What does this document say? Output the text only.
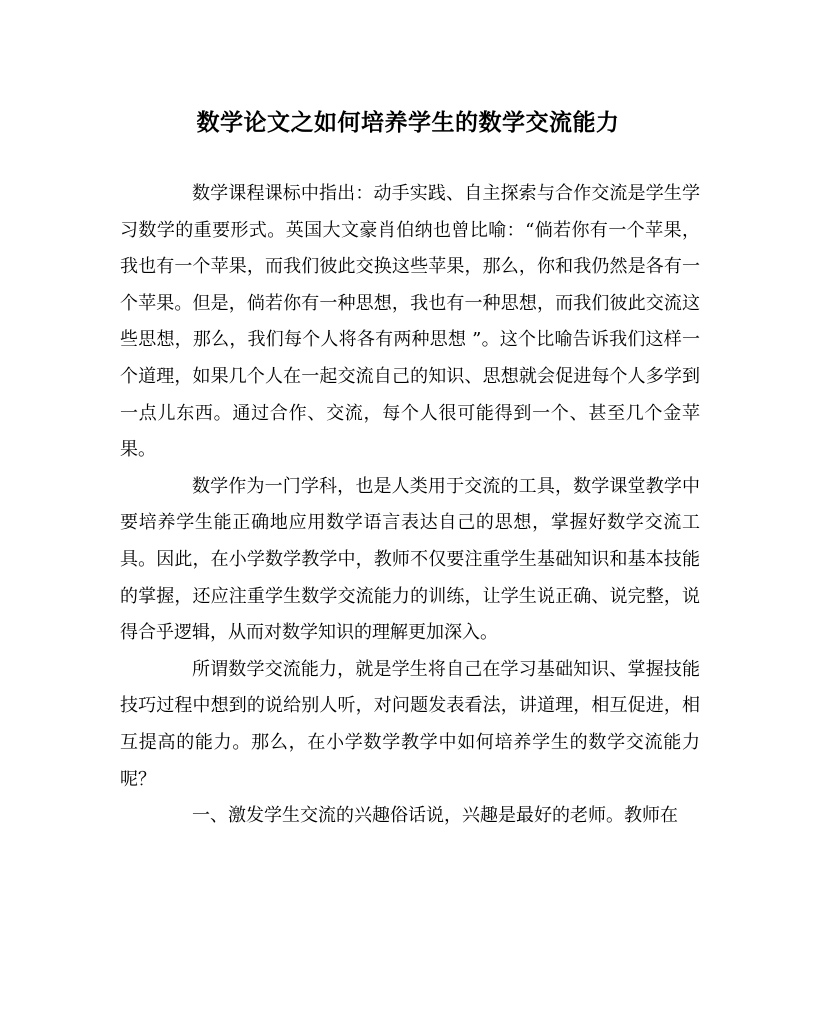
数学论文之如何培养学生的数学交流能力

数学课程课标中指出：动手实践、自主探索与合作交流是学生学习数学的重要形式。英国大文豪肖伯纳也曾比喻：“倘若你有一个苹果，我也有一个苹果，而我们彼此交换这些苹果，那么，你和我仍然是各有一个苹果。但是，倘若你有一种思想，我也有一种思想，而我们彼此交流这些思想，那么，我们每个人将各有两种思想 ”。这个比喻告诉我们这样一个道理，如果几个人在一起交流自己的知识、思想就会促进每个人多学到一点儿东西。通过合作、交流，每个人很可能得到一个、甚至几个金苹果。

数学作为一门学科，也是人类用于交流的工具，数学课堂教学中要培养学生能正确地应用数学语言表达自己的思想，掌握好数学交流工具。因此，在小学数学教学中，教师不仅要注重学生基础知识和基本技能的掌握，还应注重学生数学交流能力的训练，让学生说正确、说完整，说得合乎逻辑，从而对数学知识的理解更加深入。

所谓数学交流能力，就是学生将自己在学习基础知识、掌握技能技巧过程中想到的说给别人听，对问题发表看法，讲道理，相互促进，相互提高的能力。那么，在小学数学教学中如何培养学生的数学交流能力呢？

一、激发学生交流的兴趣俗话说，兴趣是最好的老师。教师在
